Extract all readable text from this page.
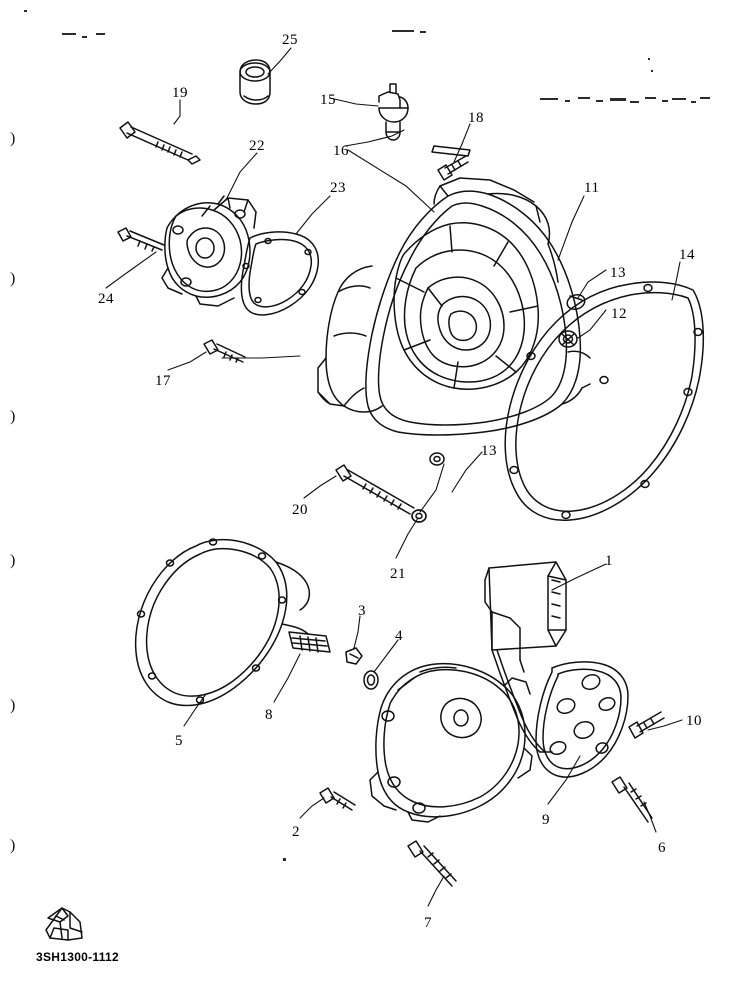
25
19	15
18
16
22
23	11
14
13
12
24
17
13
20
21
1
3
4
8
5
10
2
9
6
7
)
)
)
)
)
)
3SH1300-1112
